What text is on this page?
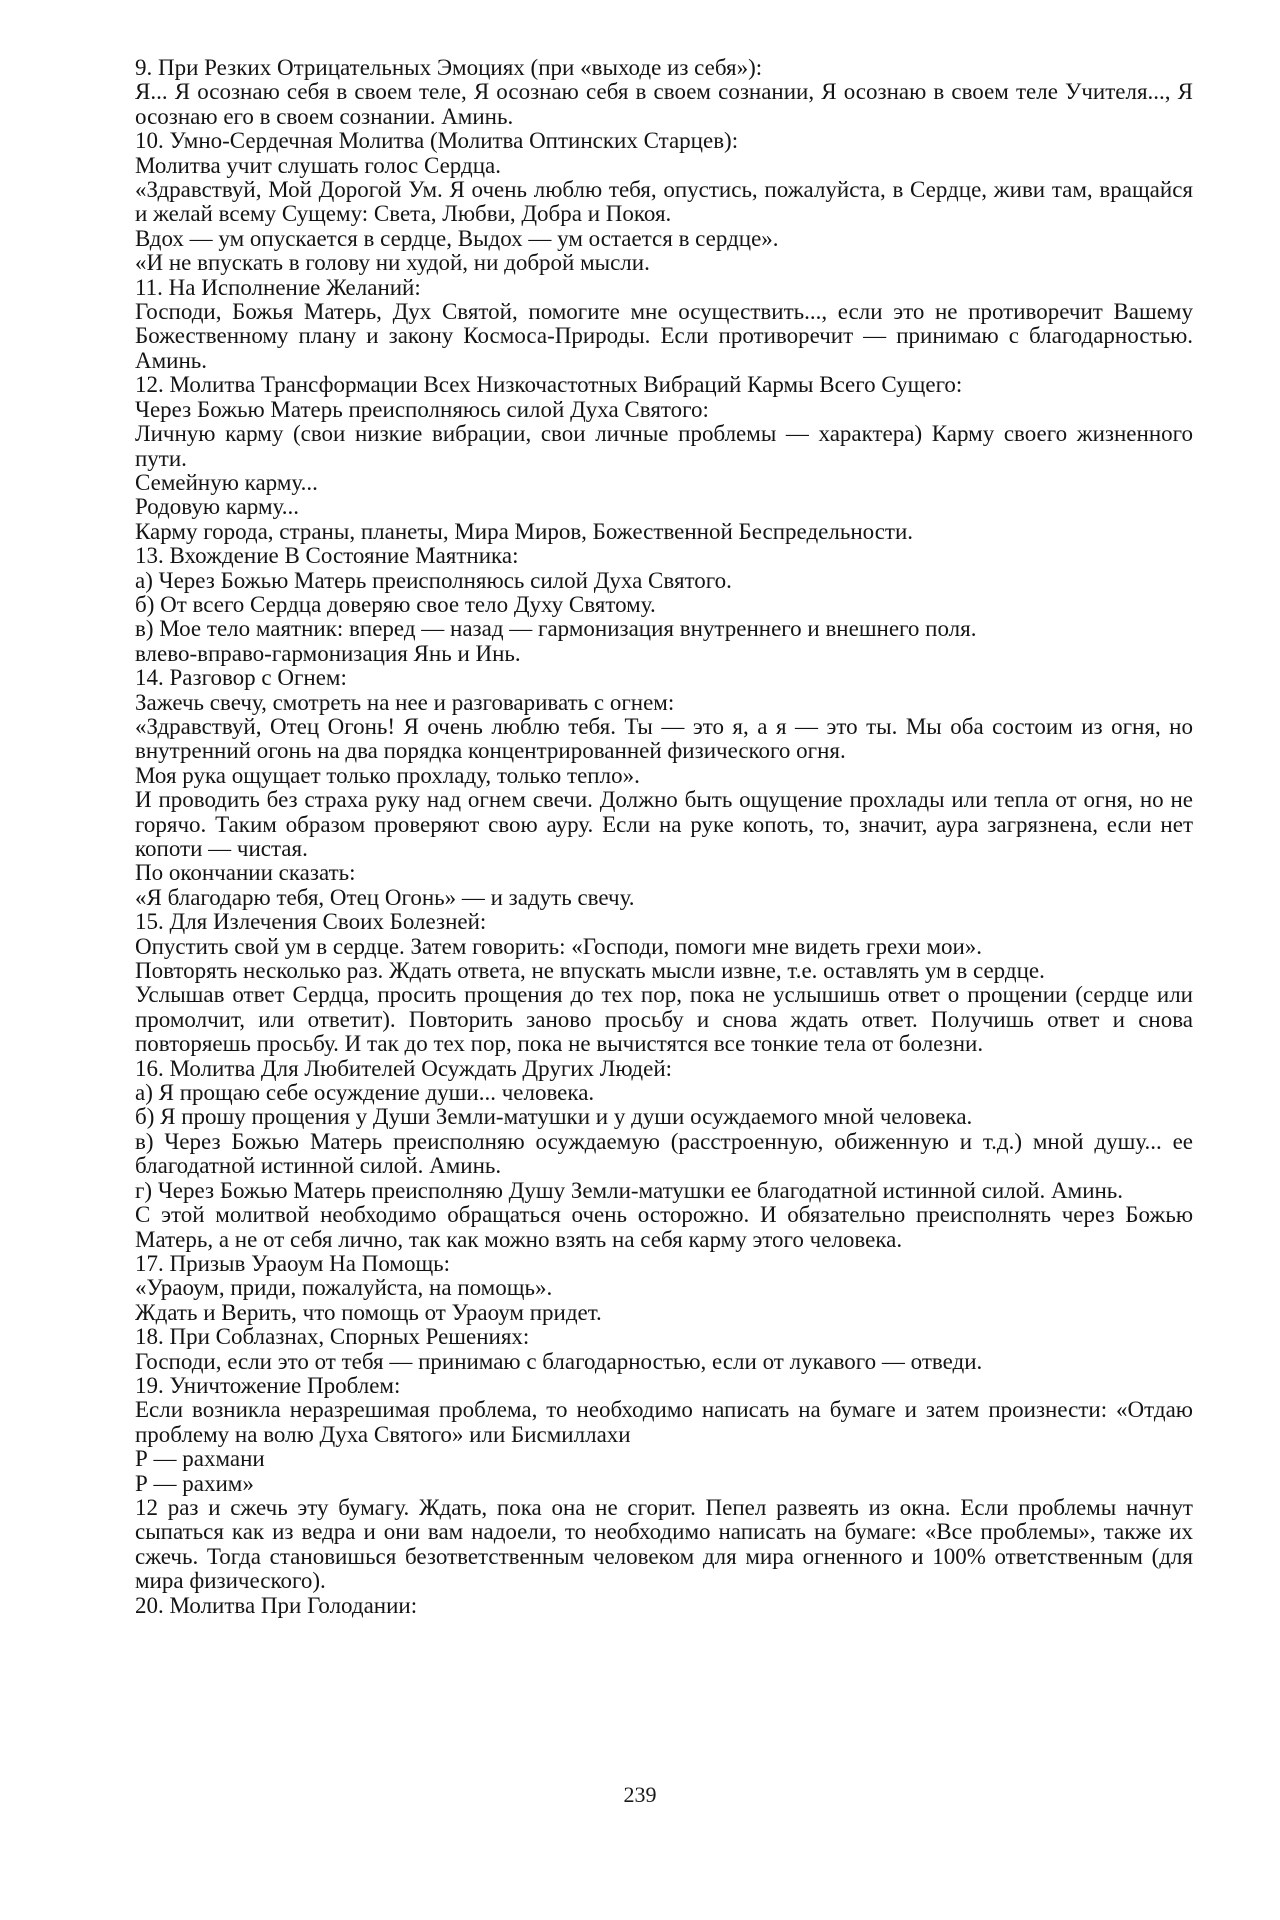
9. При Резких Отрицательных Эмоциях (при «выходе из себя»):

Я... Я осознаю себя в своем теле, Я осознаю себя в своем сознании, Я осознаю в своем теле Учителя..., Я осознаю его в своем сознании. Аминь.

10. Умно-Сердечная Молитва (Молитва Оптинских Старцев):

Молитва учит слушать голос Сердца.

«Здравствуй, Мой Дорогой Ум. Я очень люблю тебя, опустись, пожалуйста, в Сердце, живи там, вращайся и желай всему Сущему: Света, Любви, Добра и Покоя.

Вдох — ум опускается в сердце, Выдох — ум остается в сердце».

«И не впускать в голову ни худой, ни доброй мысли.

11. На Исполнение Желаний:

Господи, Божья Матерь, Дух Святой, помогите мне осуществить..., если это не противоречит Вашему Божественному плану и закону Космоса-Природы. Если противоречит — принимаю с благодарностью. Аминь.

12. Молитва Трансформации Всех Низкочастотных Вибраций Кармы Всего Сущего:

Через Божью Матерь преисполняюсь силой Духа Святого:

Личную карму (свои низкие вибрации, свои личные проблемы — характера) Карму своего жизненного пути.

Семейную карму...

Родовую карму...

Карму города, страны, планеты, Мира Миров, Божественной Беспредельности.

13. Вхождение В Состояние Маятника:

а) Через Божью Матерь преисполняюсь силой Духа Святого.

б) От всего Сердца доверяю свое тело Духу Святому.

в) Мое тело маятник: вперед — назад — гармонизация внутреннего и внешнего поля.

влево-вправо-гармонизация Янь и Инь.

14. Разговор с Огнем:

Зажечь свечу, смотреть на нее и разговаривать с огнем:

«Здравствуй, Отец Огонь! Я очень люблю тебя. Ты — это я, а я — это ты. Мы оба состоим из огня, но внутренний огонь на два порядка концентрированней физического огня.

Моя рука ощущает только прохладу, только тепло».

И проводить без страха руку над огнем свечи. Должно быть ощущение прохлады или тепла от огня, но не горячо. Таким образом проверяют свою ауру. Если на руке копоть, то, значит, аура загрязнена, если нет копоти — чистая.

По окончании сказать:

«Я благодарю тебя, Отец Огонь» — и задуть свечу.

15. Для Излечения Своих Болезней:

Опустить свой ум в сердце. Затем говорить: «Господи, помоги мне видеть грехи мои».

Повторять несколько раз. Ждать ответа, не впускать мысли извне, т.е. оставлять ум в сердце.

Услышав ответ Сердца, просить прощения до тех пор, пока не услышишь ответ о прощении (сердце или промолчит, или ответит). Повторить заново просьбу и снова ждать ответ. Получишь ответ и снова повторяешь просьбу. И так до тех пор, пока не вычистятся все тонкие тела от болезни.

16. Молитва Для Любителей Осуждать Других Людей:

а) Я прощаю себе осуждение души... человека.

б) Я прошу прощения у Души Земли-матушки и у души осуждаемого мной человека.

в) Через Божью Матерь преисполняю осуждаемую (расстроенную, обиженную и т.д.) мной душу... ее благодатной истинной силой. Аминь.

г) Через Божью Матерь преисполняю Душу Земли-матушки ее благодатной истинной силой. Аминь.

С этой молитвой необходимо обращаться очень осторожно. И обязательно преисполнять через Божью Матерь, а не от себя лично, так как можно взять на себя карму этого человека.

17. Призыв Ураоум На Помощь:

«Ураоум, приди, пожалуйста, на помощь».

Ждать и Верить, что помощь от Ураоум придет.

18. При Соблазнах, Спорных Решениях:

Господи, если это от тебя — принимаю с благодарностью, если от лукавого — отведи.

19. Уничтожение Проблем:

Если возникла неразрешимая проблема, то необходимо написать на бумаге и затем произнести: «Отдаю проблему на волю Духа Святого» или Бисмиллахи

Р — рахмани

Р — рахим»

12 раз и сжечь эту бумагу. Ждать, пока она не сгорит. Пепел развеять из окна. Если проблемы начнут сыпаться как из ведра и они вам надоели, то необходимо написать на бумаге: «Все проблемы», также их сжечь. Тогда становишься безответственным человеком для мира огненного и 100% ответственным (для мира физического).

20. Молитва При Голодании:

239
